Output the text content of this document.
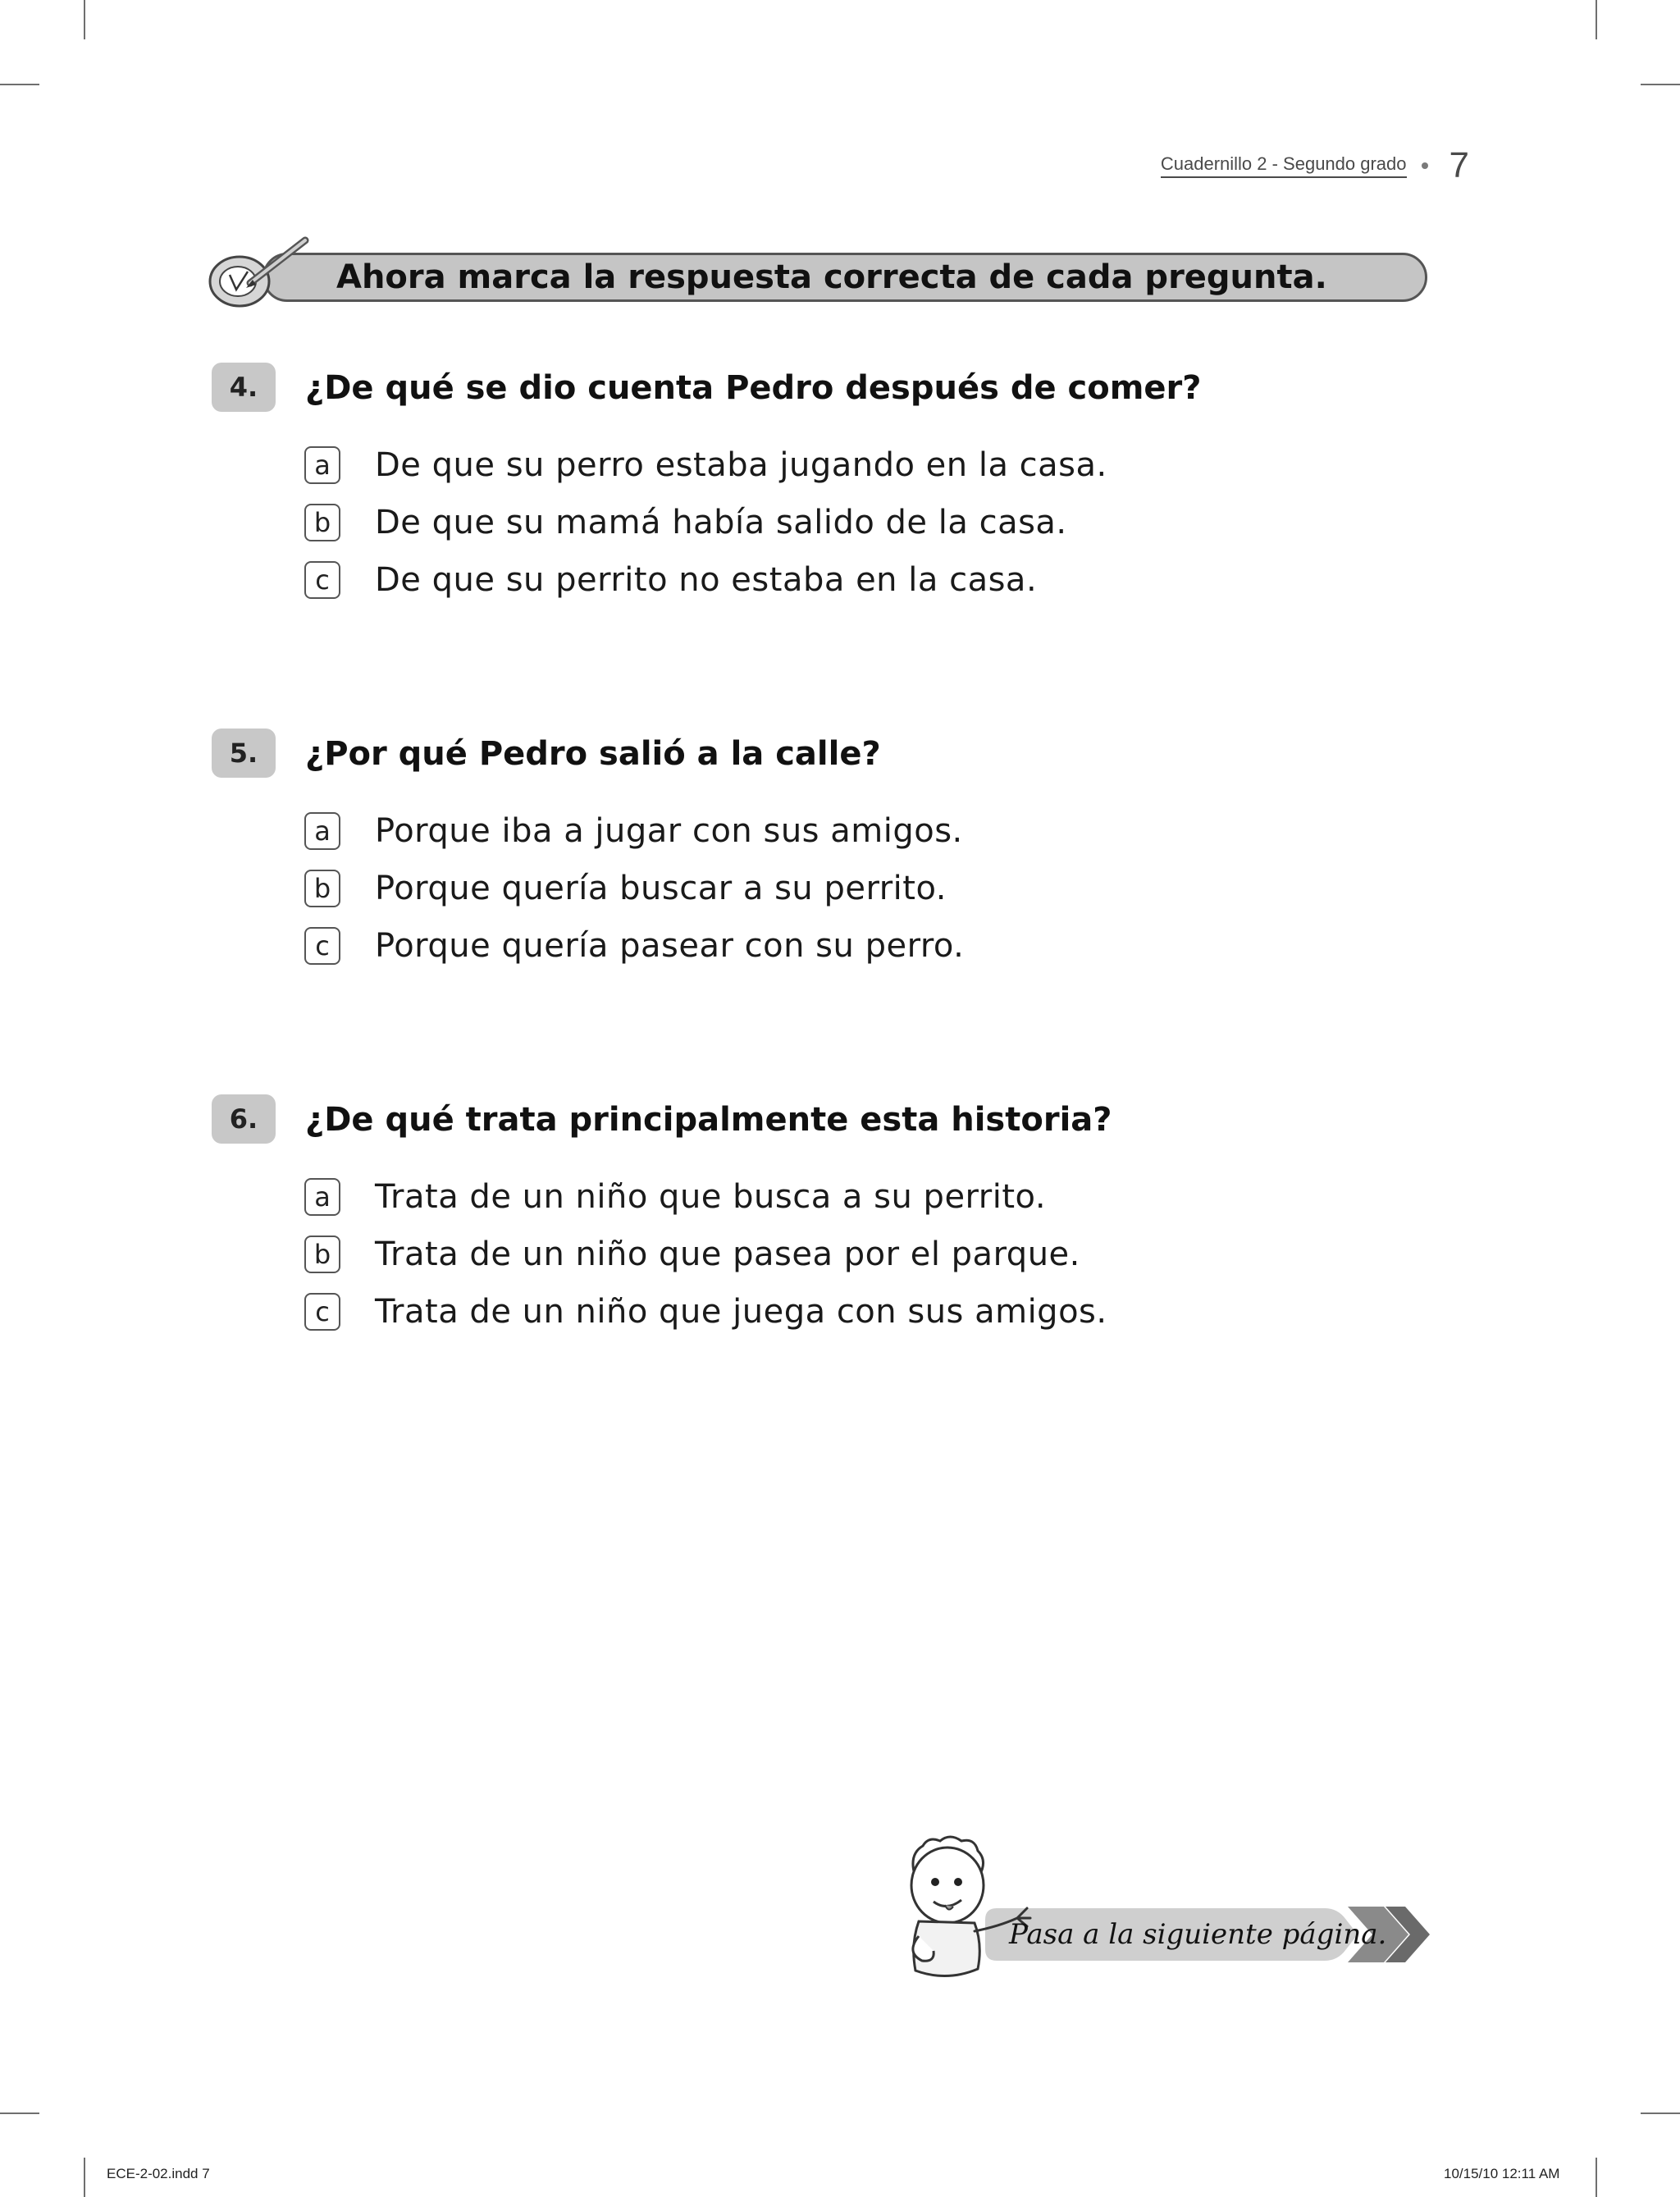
Cuadernillo 2 - Segundo grado 7
Ahora marca la respuesta correcta de cada pregunta.
4.	¿De qué se dio cuenta Pedro después de comer?
a	De que su perro estaba jugando en la casa.
b De que su mamá había salido de la casa.
c	De que su perrito no estaba en la casa.
5.	¿Por qué Pedro salió a la calle?
a	Porque iba a jugar con sus amigos.
b Porque quería buscar a su perrito.
c	Porque quería pasear con su perro.
6.	¿De qué trata principalmente esta historia?
a	Trata de un niño que busca a su perrito.
b Trata de un niño que pasea por el parque.
c	Trata de un niño que juega con sus amigos.
Pasa a la siguiente página.
ECE-2-02.indd 7	10/15/10 12:11 AM
